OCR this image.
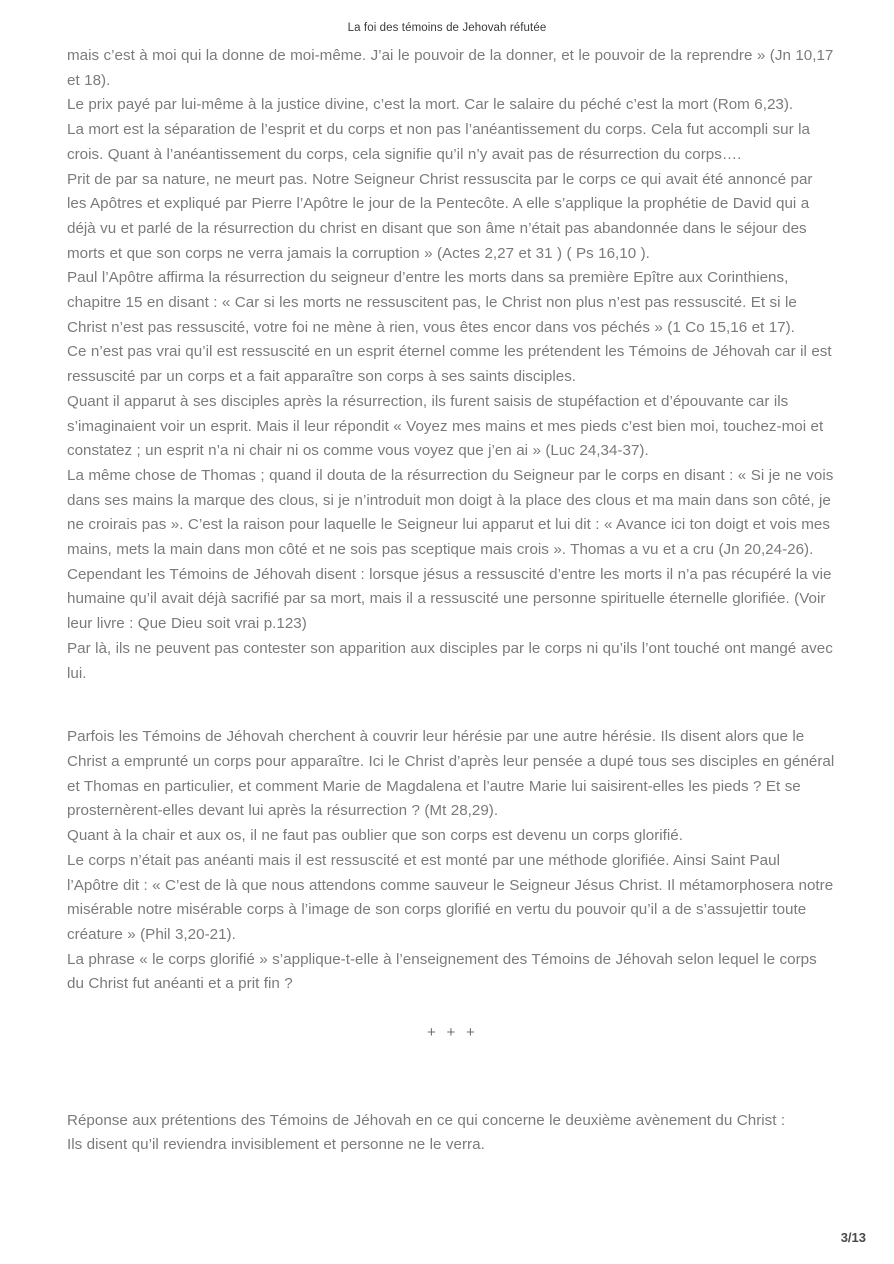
La foi des témoins de Jehovah réfutée

mais c’est à moi qui la donne de moi-même. J’ai le pouvoir de la donner, et le pouvoir de la reprendre » (Jn 10,17 et 18).

Le prix payé par lui-même à la justice divine, c’est la mort. Car le salaire du péché c’est la mort (Rom 6,23).

La mort est la séparation de l’esprit et du corps et non pas l’anéantissement du corps. Cela fut accompli sur la crois. Quant à l’anéantissement du corps, cela signifie qu’il n’y avait pas de résurrection du corps….

Prit de par sa nature, ne meurt pas. Notre Seigneur Christ ressuscita par le corps ce qui avait été annoncé par les Apôtres et expliqué par Pierre l’Apôtre le jour de la Pentecôte. A elle s’applique la prophétie de David qui a déjà vu et parlé de la résurrection du christ en disant que son âme n’était pas abandonnée dans le séjour des morts et que son corps ne verra jamais la corruption » (Actes 2,27 et 31 ) ( Ps 16,10 ).

Paul l’Apôtre affirma la résurrection du seigneur d’entre les morts dans sa première Epître aux Corinthiens, chapitre 15 en disant : « Car si les morts ne ressuscitent pas, le Christ non plus n’est pas ressuscité. Et si le Christ n’est pas ressuscité, votre foi ne mène à rien, vous êtes encor dans vos péchés » (1 Co 15,16 et 17).

Ce n’est pas vrai qu’il est ressuscité en un esprit éternel comme les prétendent les Témoins de Jéhovah car il est ressuscité par un corps et a fait apparaître son corps à ses saints disciples.

Quant il apparut à ses disciples après la résurrection, ils furent saisis de stupéfaction et d’épouvante car ils s’imaginaient voir un esprit. Mais il leur répondit « Voyez mes mains et mes pieds c’est bien moi, touchez-moi et constatez ; un esprit n’a ni chair ni os comme vous voyez que j’en ai » (Luc 24,34-37).

La même chose de Thomas ; quand il douta de la résurrection du Seigneur par le corps en disant : « Si je ne vois dans ses mains la marque des clous, si je n’introduit mon doigt à la place des clous et ma main dans son côté, je ne croirais pas ». C’est la raison pour laquelle le Seigneur lui apparut et lui dit : « Avance ici ton doigt et vois mes mains, mets la main dans mon côté et ne sois pas sceptique mais crois ». Thomas a vu et a cru (Jn 20,24-26).

Cependant les Témoins de Jéhovah disent : lorsque jésus a ressuscité d’entre les morts il n’a pas récupéré la vie humaine qu’il avait déjà sacrifié par sa mort, mais il a ressuscité une personne spirituelle éternelle glorifiée. (Voir leur livre : Que Dieu soit vrai p.123)

Par là, ils ne peuvent pas contester son apparition aux disciples par le corps ni qu’ils l’ont touché ont mangé avec lui.

Parfois les Témoins de Jéhovah cherchent à couvrir leur hérésie par une autre hérésie. Ils disent alors que le Christ a emprunté un corps pour apparaître. Ici le Christ d’après leur pensée a dupé tous ses disciples en général et Thomas en particulier, et comment Marie de Magdalena et l’autre Marie lui saisirent-elles les pieds ? Et se prosternèrent-elles devant lui après la résurrection ? (Mt 28,29).

Quant à la chair et aux os, il ne faut pas oublier que son corps est devenu un corps glorifié.

Le corps n’était pas anéanti mais il est ressuscité et est monté par une méthode glorifiée. Ainsi Saint Paul l’Apôtre dit : « C’est de là que nous attendons comme sauveur le Seigneur Jésus Christ. Il métamorphosera notre misérable notre misérable corps à l’image de son corps glorifié en vertu du pouvoir qu’il a de s’assujettir toute créature » (Phil 3,20-21).

La phrase « le corps glorifié » s’applique-t-elle à l’enseignement des Témoins de Jéhovah selon lequel le corps du Christ fut anéanti et a prit fin ?

+ + +

Réponse aux prétentions des Témoins de Jéhovah en ce qui concerne le deuxième avènement du Christ :

Ils disent qu’il reviendra invisiblement et personne ne le verra.

3/13
